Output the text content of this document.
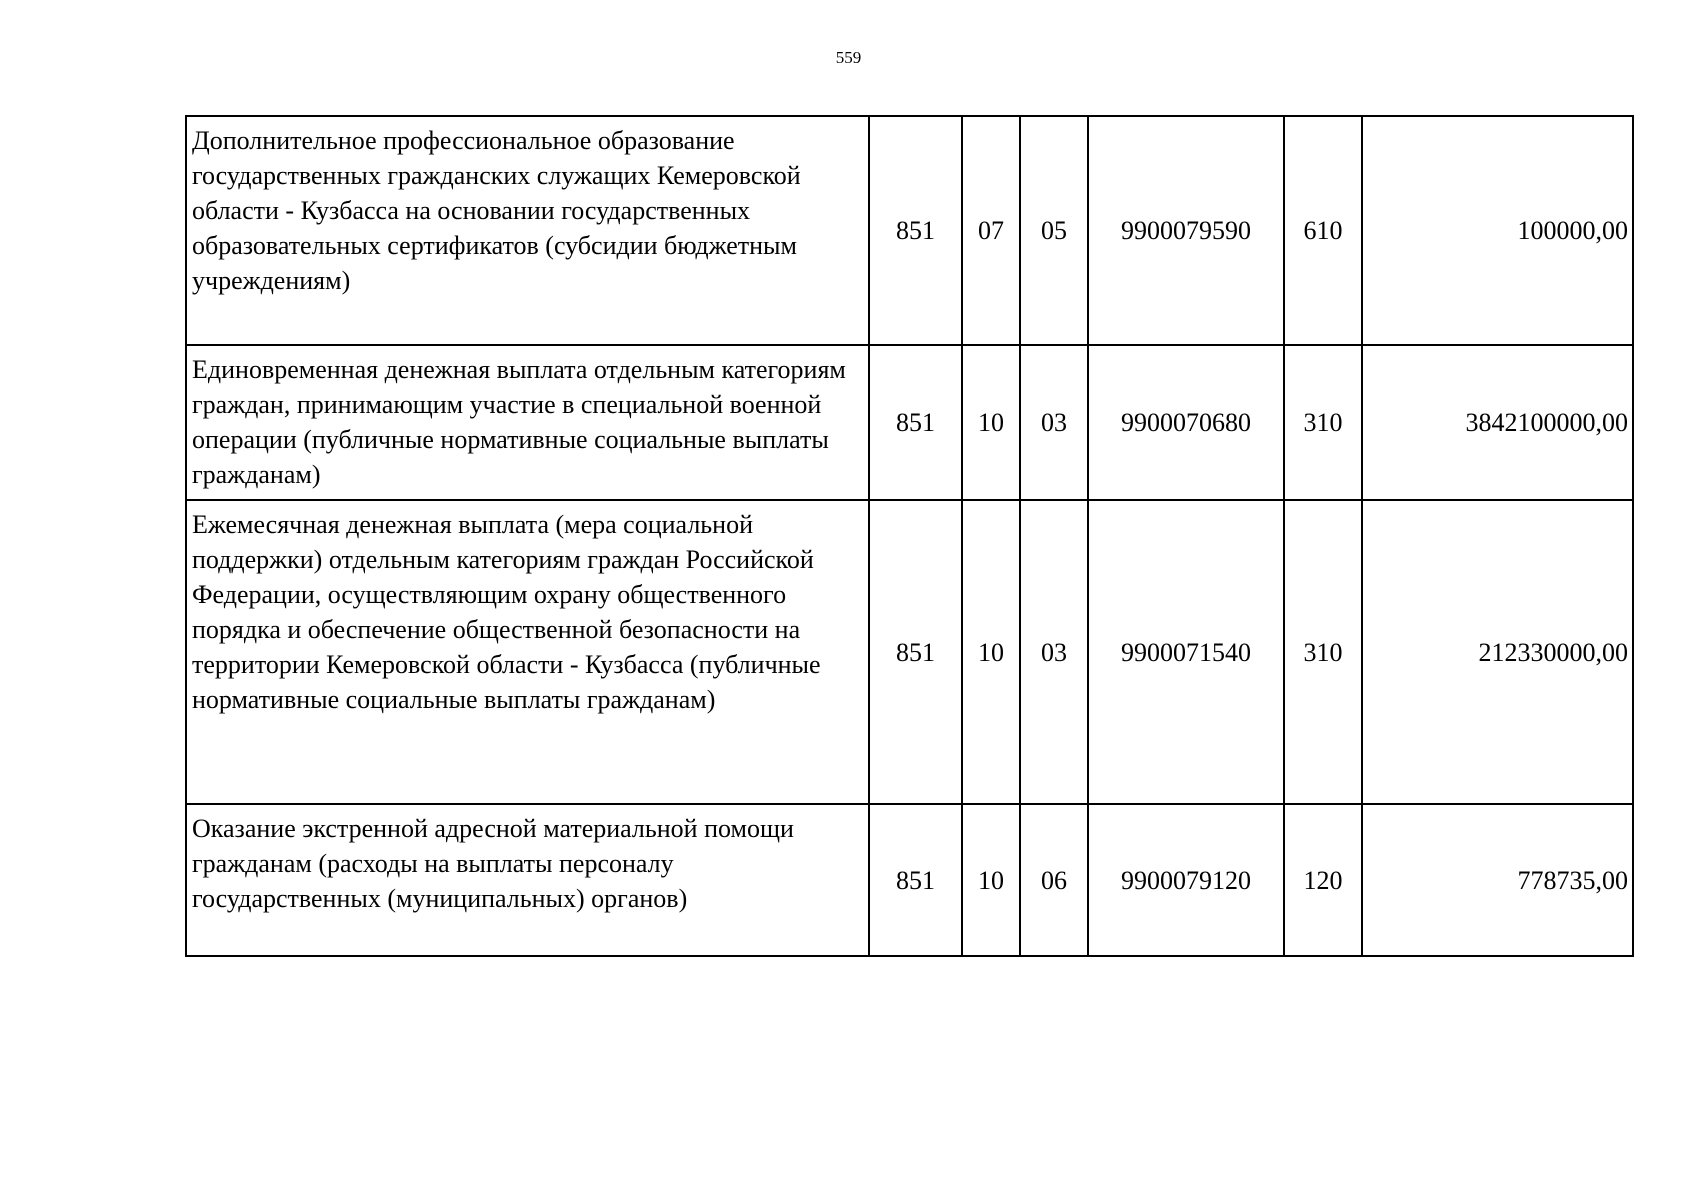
559
Дополнительное профессиональное образование государственных гражданских служащих Кемеровской области - Кузбасса на основании государственных образовательных сертификатов (субсидии бюджетным учреждениям)	851	07	05	9900079590	610	100000,00
Единовременная денежная выплата отдельным категориям граждан, принимающим участие в специальной военной операции (публичные нормативные социальные выплаты гражданам)	851	10	03	9900070680	310	3842100000,00
Ежемесячная денежная выплата (мера социальной поддержки) отдельным категориям граждан Российской Федерации, осуществляющим охрану общественного порядка и обеспечение общественной безопасности на территории Кемеровской области - Кузбасса (публичные нормативные социальные выплаты гражданам)	851	10	03	9900071540	310	212330000,00
Оказание экстренной адресной материальной помощи гражданам (расходы на выплаты персоналу государственных (муниципальных) органов)	851	10	06	9900079120	120	778735,00
